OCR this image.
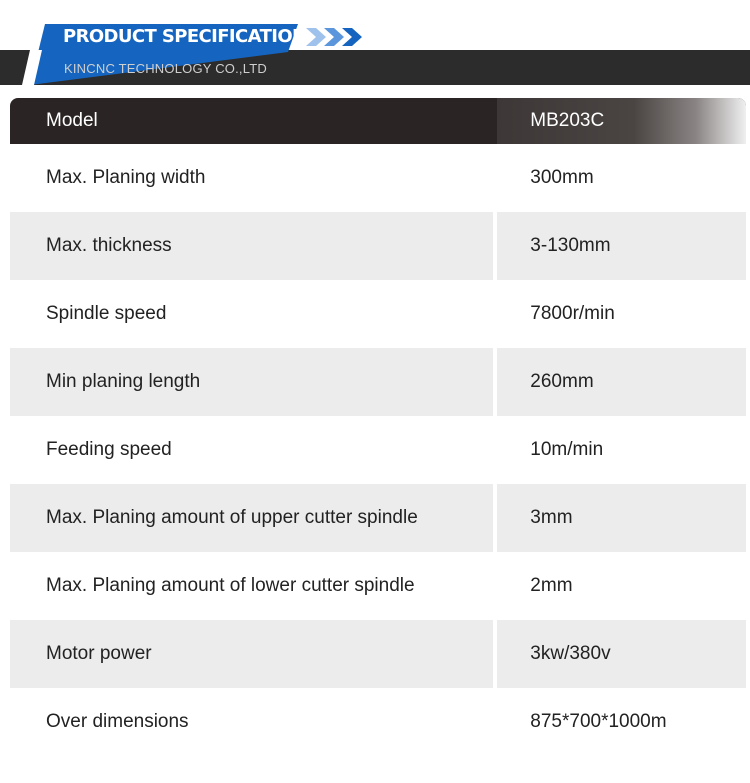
PRODUCT SPECIFICATION
KINCNC TECHNOLOGY CO.,LTD
Model	MB203C
Max. Planing width	300mm
Max. thickness	3-130mm
Spindle speed	7800r/min
Min planing length	260mm
Feeding speed	10m/min
Max. Planing amount of upper cutter spindle	3mm
Max. Planing amount of lower cutter spindle	2mm
Motor power	3kw/380v
Over dimensions	875*700*1000m
